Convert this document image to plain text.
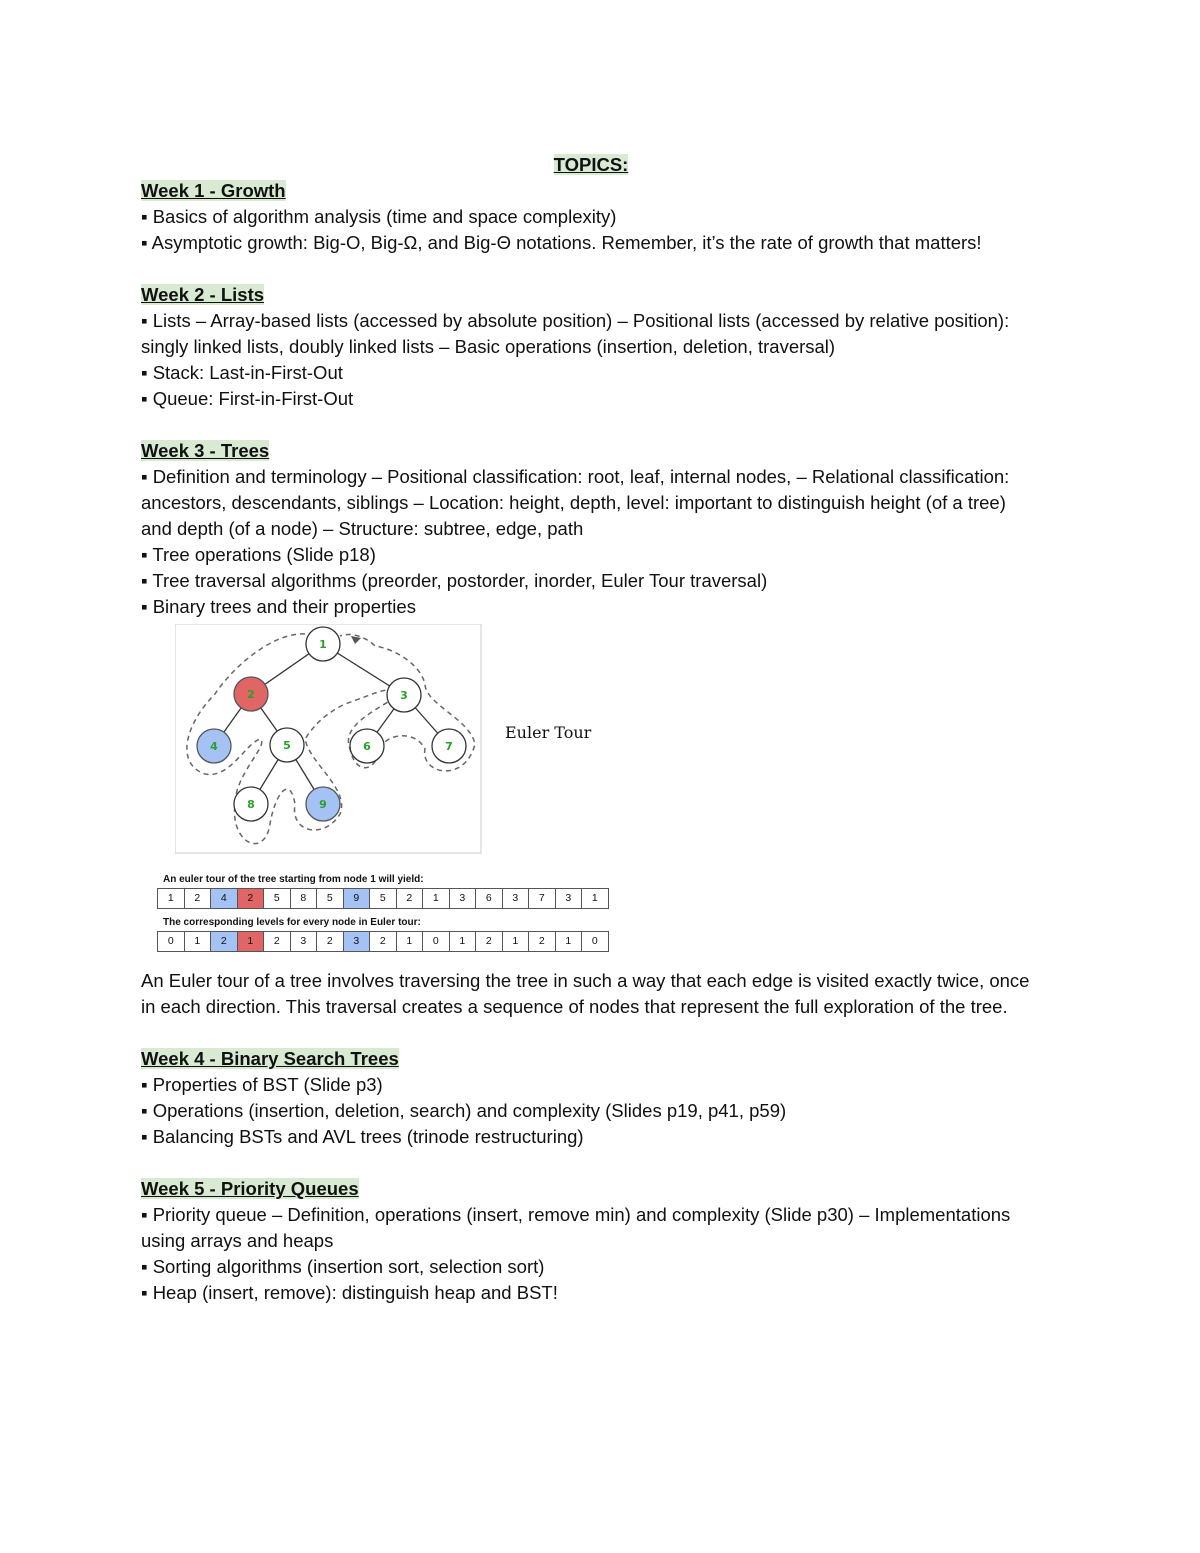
TOPICS:
Week 1 - Growth

▪ Basics of algorithm analysis (time and space complexity)

▪ Asymptotic growth: Big-O, Big-Ω, and Big-Θ notations. Remember, it’s the rate of growth that matters!

Week 2 - Lists

▪ Lists – Array-based lists (accessed by absolute position) – Positional lists (accessed by relative position): singly linked lists, doubly linked lists – Basic operations (insertion, deletion, traversal)

▪ Stack: Last-in-First-Out

▪ Queue: First-in-First-Out

Week 3 - Trees

▪ Definition and terminology – Positional classification: root, leaf, internal nodes, – Relational classification: ancestors, descendants, siblings – Location: height, depth, level: important to distinguish height (of a tree) and depth (of a node) – Structure: subtree, edge, path

▪ Tree operations (Slide p18)

▪ Tree traversal algorithms (preorder, postorder, inorder, Euler Tour traversal)

▪ Binary trees and their properties

1
2	3
4	5	6	7
8	9
Euler Tour

An euler tour of the tree starting from node 1 will yield:

1	2	4	2	5	8	5	9	5	2	1	3	6	3	7	3	1

The corresponding levels for every node in Euler tour:

0	1	2	1	2	3	2	3	2	1	0	1	2	1	2	1	0

An Euler tour of a tree involves traversing the tree in such a way that each edge is visited exactly twice, once in each direction. This traversal creates a sequence of nodes that represent the full exploration of the tree.

Week 4 - Binary Search Trees

▪ Properties of BST (Slide p3)

▪ Operations (insertion, deletion, search) and complexity (Slides p19, p41, p59)

▪ Balancing BSTs and AVL trees (trinode restructuring)

Week 5 - Priority Queues

▪ Priority queue – Definition, operations (insert, remove min) and complexity (Slide p30) – Implementations using arrays and heaps

▪ Sorting algorithms (insertion sort, selection sort)

▪ Heap (insert, remove): distinguish heap and BST!
